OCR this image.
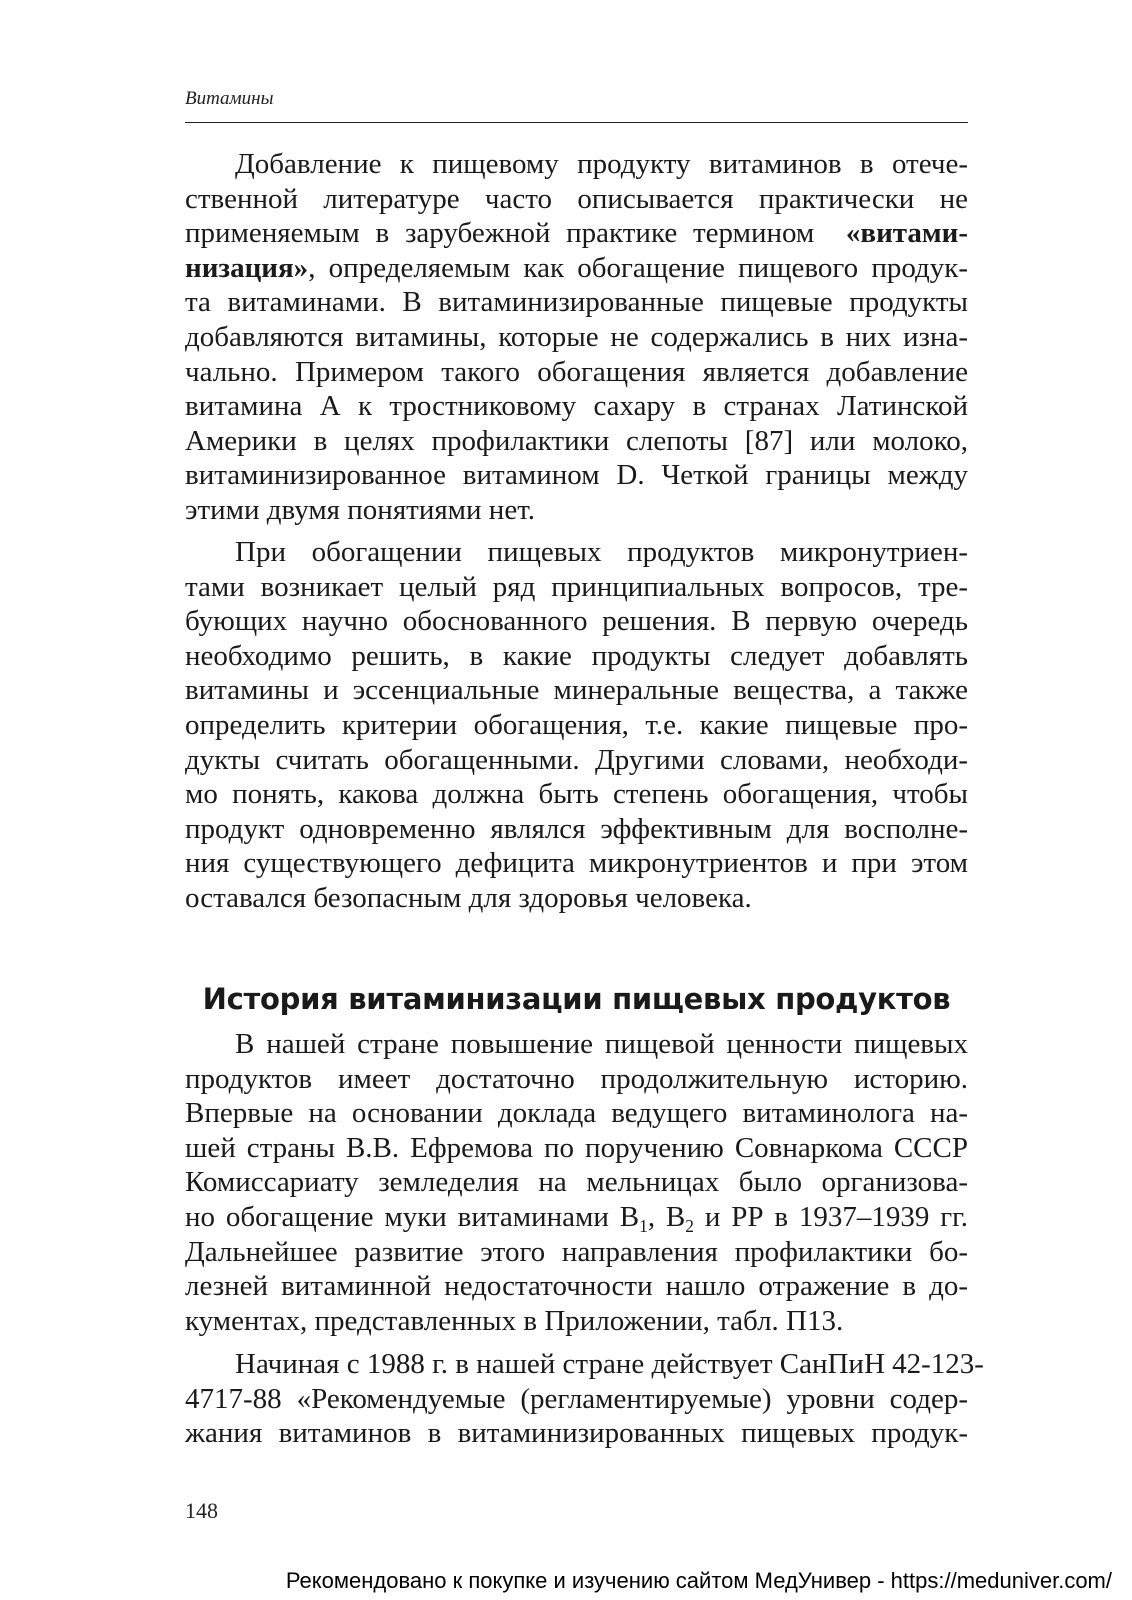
Витамины
Добавление к пищевому продукту витаминов в отече-
ственной литературе часто описывается практически не
применяемым в зарубежной практике термином «витами-
низация», определяемым как обогащение пищевого продук-
та витаминами. В витаминизированные пищевые продукты
добавляются витамины, которые не содержались в них изна-
чально. Примером такого обогащения является добавление
витамина А к тростниковому сахару в странах Латинской
Америки в целях профилактики слепоты [87] или молоко,
витаминизированное витамином D. Четкой границы между
этими двумя понятиями нет.
При обогащении пищевых продуктов микронутриен-
тами возникает целый ряд принципиальных вопросов, тре-
бующих научно обоснованного решения. В первую очередь
необходимо решить, в какие продукты следует добавлять
витамины и эссенциальные минеральные вещества, а также
определить критерии обогащения, т.е. какие пищевые про-
дукты считать обогащенными. Другими словами, необходи-
мо понять, какова должна быть степень обогащения, чтобы
продукт одновременно являлся эффективным для восполне-
ния существующего дефицита микронутриентов и при этом
оставался безопасным для здоровья человека.
История витаминизации пищевых продуктов
В нашей стране повышение пищевой ценности пищевых
продуктов имеет достаточно продолжительную историю.
Впервые на основании доклада ведущего витаминолога на-
шей страны В.В. Ефремова по поручению Совнаркома СССР
Комиссариату земледелия на мельницах было организова-
но обогащение муки витаминами $В_1$, $В_2$ и РР в 1937–1939 гг.
Дальнейшее развитие этого направления профилактики бо-
лезней витаминной недостаточности нашло отражение в до-
кументах, представленных в Приложении, табл. П13.
Начиная с 1988 г. в нашей стране действует СанПиН 42-123-
4717-88 «Рекомендуемые (регламентируемые) уровни содер-
жания витаминов в витаминизированных пищевых продук-
148
Рекомендовано к покупке и изучению сайтом МедУнивер - https://meduniver.com/
